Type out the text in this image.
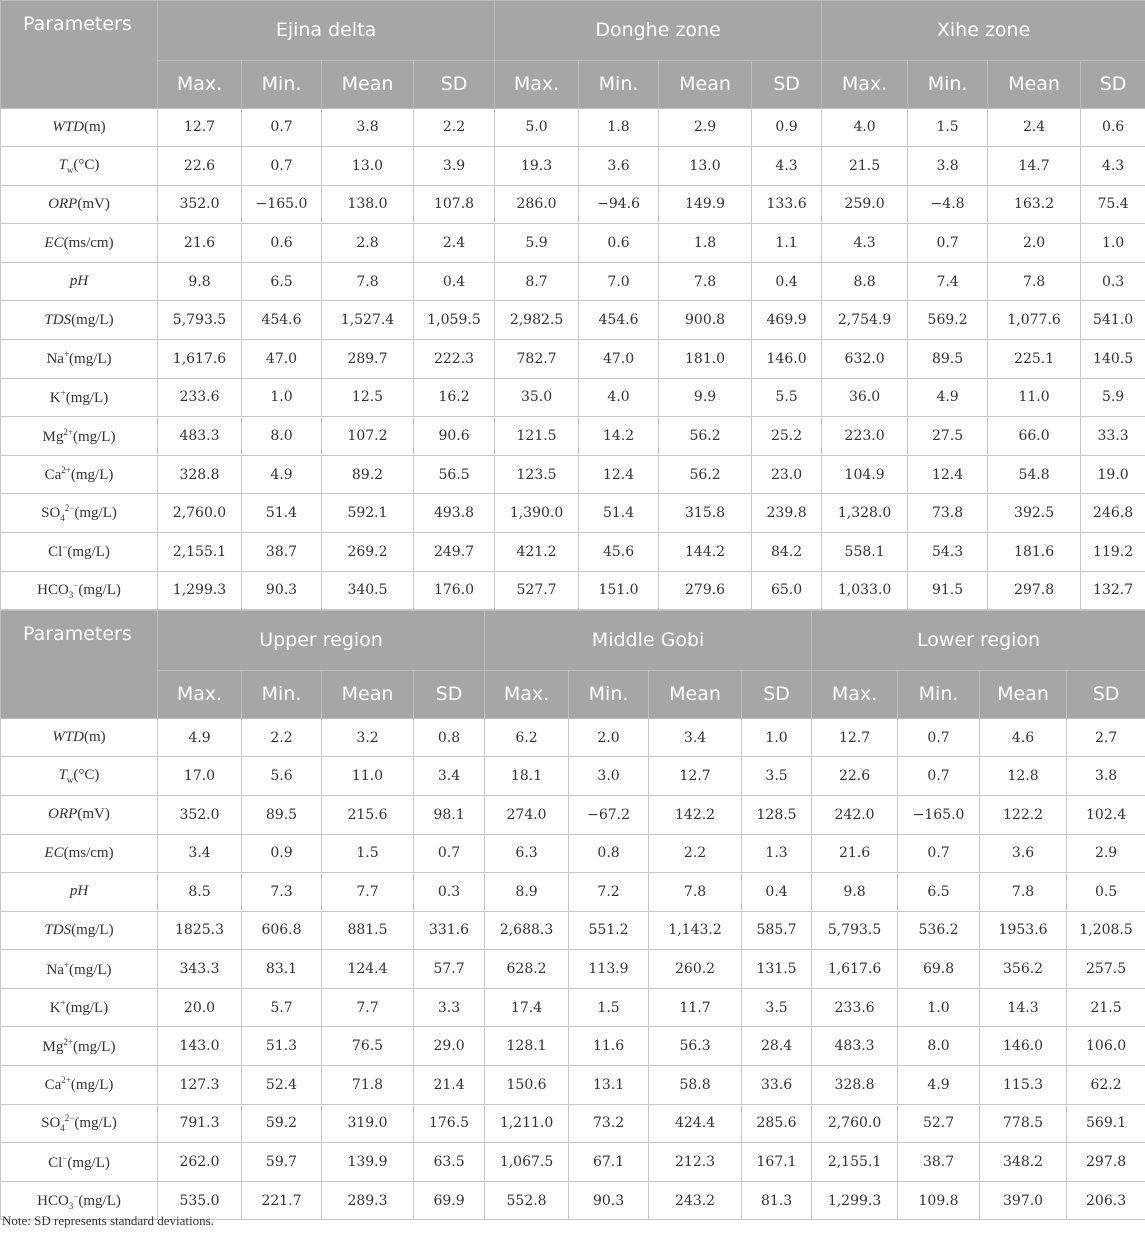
Parameters	Ejina delta				Donghe zone				Xihe zone			
	Max.	Min.	Mean	SD	Max.	Min.	Mean	SD	Max.	Min.	Mean	SD
WTD(m)	12.7	0.7	3.8	2.2	5.0	1.8	2.9	0.9	4.0	1.5	2.4	0.6
$T_w(^\circ C)$	22.6	0.7	13.0	3.9	19.3	3.6	13.0	4.3	21.5	3.8	14.7	4.3
ORP(mV)	352.0	−165.0	138.0	107.8	286.0	−94.6	149.9	133.6	259.0	−4.8	163.2	75.4
EC(ms/cm)	21.6	0.6	2.8	2.4	5.9	0.6	1.8	1.1	4.3	0.7	2.0	1.0
pH	9.8	6.5	7.8	0.4	8.7	7.0	7.8	0.4	8.8	7.4	7.8	0.3
TDS(mg/L)	5,793.5	454.6	1,527.4	1,059.5	2,982.5	454.6	900.8	469.9	2,754.9	569.2	1,077.6	541.0
Na+(mg/L)	1,617.6	47.0	289.7	222.3	782.7	47.0	181.0	146.0	632.0	89.5	225.1	140.5
K+(mg/L)	233.6	1.0	12.5	16.2	35.0	4.0	9.9	5.5	36.0	4.9	11.0	5.9
$Mg^{2+}(mg/L)$	483.3	8.0	107.2	90.6	121.5	14.2	56.2	25.2	223.0	27.5	66.0	33.3
$Ca^{2+}(mg/L)$	328.8	4.9	89.2	56.5	123.5	12.4	56.2	23.0	104.9	12.4	54.8	19.0
$SO_4^{2-}(mg/L)$	2,760.0	51.4	592.1	493.8	1,390.0	51.4	315.8	239.8	1,328.0	73.8	392.5	246.8
Cl−(mg/L)	2,155.1	38.7	269.2	249.7	421.2	45.6	144.2	84.2	558.1	54.3	181.6	119.2
$HCO_3^-(mg/L)$	1,299.3	90.3	340.5	176.0	527.7	151.0	279.6	65.0	1,033.0	91.5	297.8	132.7
Parameters	Upper region				Middle Gobi				Lower region			
	Max.	Min.	Mean	SD	Max.	Min.	Mean	SD	Max.	Min.	Mean	SD
WTD(m)	4.9	2.2	3.2	0.8	6.2	2.0	3.4	1.0	12.7	0.7	4.6	2.7
$T_w(^\circ C)$	17.0	5.6	11.0	3.4	18.1	3.0	12.7	3.5	22.6	0.7	12.8	3.8
ORP(mV)	352.0	89.5	215.6	98.1	274.0	−67.2	142.2	128.5	242.0	−165.0	122.2	102.4
EC(ms/cm)	3.4	0.9	1.5	0.7	6.3	0.8	2.2	1.3	21.6	0.7	3.6	2.9
pH	8.5	7.3	7.7	0.3	8.9	7.2	7.8	0.4	9.8	6.5	7.8	0.5
TDS(mg/L)	1825.3	606.8	881.5	331.6	2,688.3	551.2	1,143.2	585.7	5,793.5	536.2	1953.6	1,208.5
Na+(mg/L)	343.3	83.1	124.4	57.7	628.2	113.9	260.2	131.5	1,617.6	69.8	356.2	257.5
K+(mg/L)	20.0	5.7	7.7	3.3	17.4	1.5	11.7	3.5	233.6	1.0	14.3	21.5
$Mg^{2+}(mg/L)$	143.0	51.3	76.5	29.0	128.1	11.6	56.3	28.4	483.3	8.0	146.0	106.0
$Ca^{2+}(mg/L)$	127.3	52.4	71.8	21.4	150.6	13.1	58.8	33.6	328.8	4.9	115.3	62.2
$SO_4^{2-}(mg/L)$	791.3	59.2	319.0	176.5	1,211.0	73.2	424.4	285.6	2,760.0	52.7	778.5	569.1
Cl−(mg/L)	262.0	59.7	139.9	63.5	1,067.5	67.1	212.3	167.1	2,155.1	38.7	348.2	297.8
$HCO_3^-(mg/L)$	535.0	221.7	289.3	69.9	552.8	90.3	243.2	81.3	1,299.3	109.8	397.0	206.3
Note: SD represents standard deviations.
